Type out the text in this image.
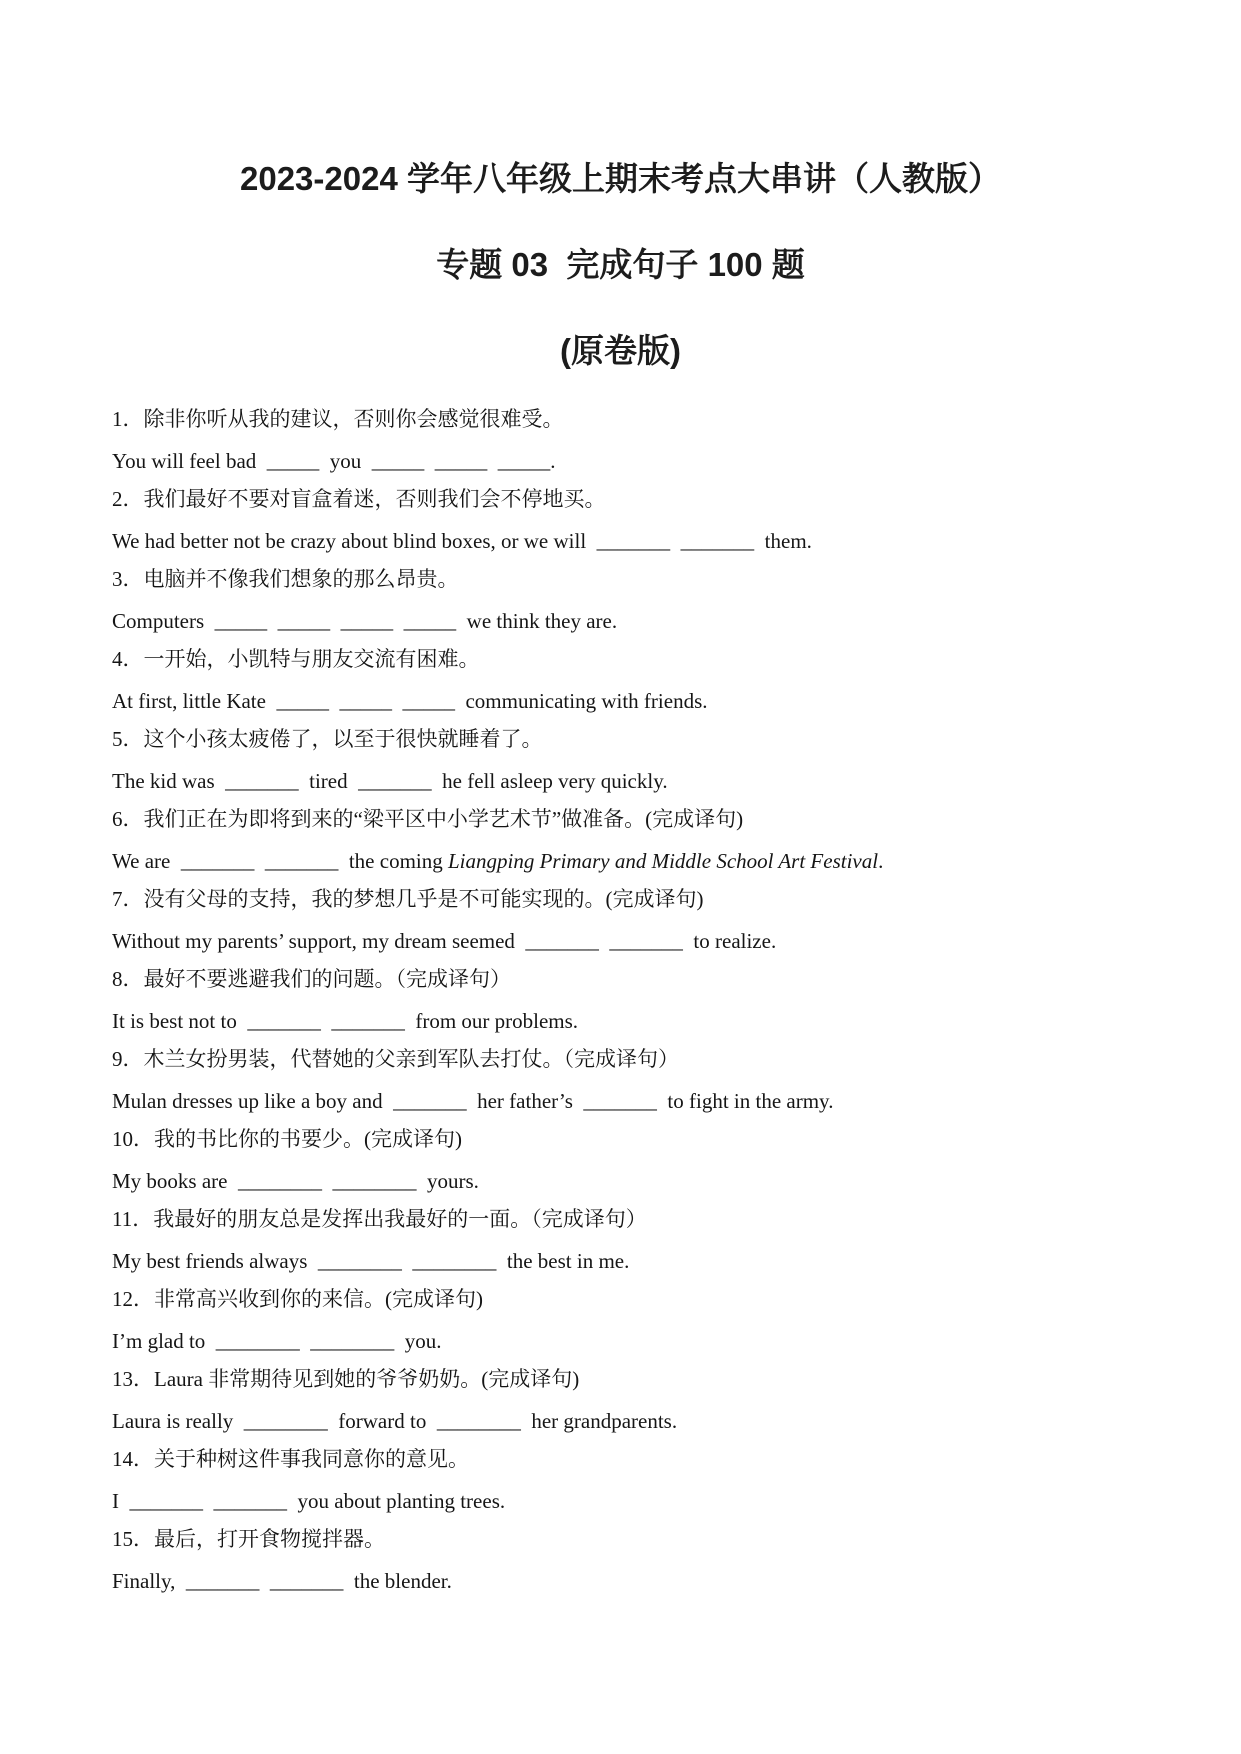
2023-2024 学年八年级上期末考点大串讲（人教版）
专题 03  完成句子 100 题
(原卷版)

1．除非你听从我的建议，否则你会感觉很难受。

You will feel bad  _____  you  _____  _____  _____.

2．我们最好不要对盲盒着迷，否则我们会不停地买。

We had better not be crazy about blind boxes, or we will  _______  _______  them.

3．电脑并不像我们想象的那么昂贵。

Computers  _____  _____  _____  _____  we think they are.

4．一开始，小凯特与朋友交流有困难。

At first, little Kate  _____  _____  _____  communicating with friends.

5．这个小孩太疲倦了，以至于很快就睡着了。

The kid was  _______  tired  _______  he fell asleep very quickly.

6．我们正在为即将到来的“梁平区中小学艺术节”做准备。(完成译句)

We are  _______  _______  the coming Liangping Primary and Middle School Art Festival.

7．没有父母的支持，我的梦想几乎是不可能实现的。(完成译句)

Without my parents’ support, my dream seemed  _______  _______  to realize.

8．最好不要逃避我们的问题。（完成译句）

It is best not to  _______  _______  from our problems.

9．木兰女扮男装，代替她的父亲到军队去打仗。（完成译句）

Mulan dresses up like a boy and  _______  her father’s  _______  to fight in the army.

10．我的书比你的书要少。(完成译句)

My books are  ________  ________  yours.

11．我最好的朋友总是发挥出我最好的一面。（完成译句）

My best friends always  ________  ________  the best in me.

12．非常高兴收到你的来信。(完成译句)

I’m glad to  ________  ________  you.

13．Laura 非常期待见到她的爷爷奶奶。(完成译句)

Laura is really  ________  forward to  ________  her grandparents.

14．关于种树这件事我同意你的意见。

I  _______  _______  you about planting trees.

15．最后，打开食物搅拌器。

Finally,  _______  _______  the blender.
